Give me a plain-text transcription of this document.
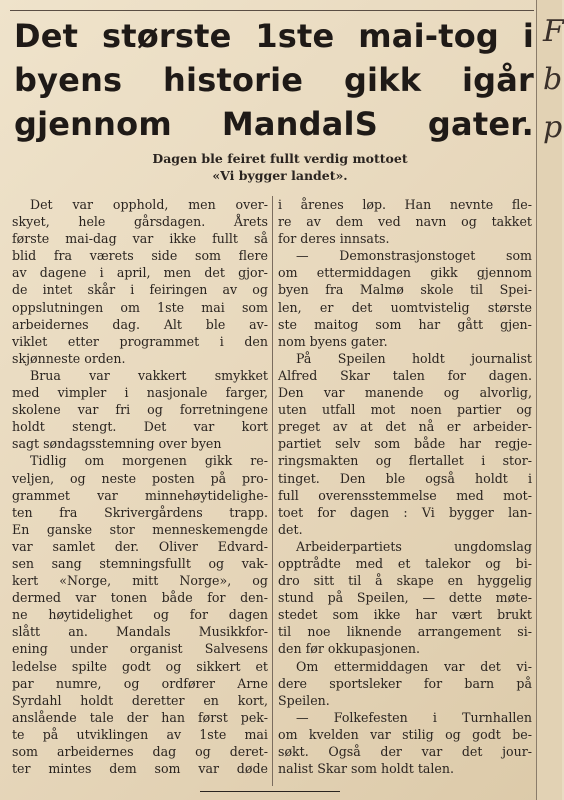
Det største 1ste mai-tog i
byens historie gikk igår
gjennom MandalS gater.
Dagen ble feiret fullt verdig mottoet
«Vi bygger landet».
Det var opphold, men over-
skyet, hele gårsdagen. Årets
første mai-dag var ikke fullt så
blid fra værets side som flere
av dagene i april, men det gjor-
de intet skår i feiringen av og
oppslutningen om 1ste mai som
arbeidernes dag. Alt ble av-
viklet etter programmet i den
skjønneste orden.
Brua var vakkert smykket
med vimpler i nasjonale farger,
skolene var fri og forretningene
holdt stengt. Det var kort
sagt søndagsstemning over byen
Tidlig om morgenen gikk re-
veljen, og neste posten på pro-
grammet var minnehøytidelighe-
ten fra Skrivergårdens trapp.
En ganske stor menneskemengde
var samlet der. Oliver Edvard-
sen sang stemningsfullt og vak-
kert «Norge, mitt Norge», og
dermed var tonen både for den-
ne høytidelighet og for dagen
slått an. Mandals Musikkfor-
ening under organist Salvesens
ledelse spilte godt og sikkert et
par numre, og ordfører Arne
Syrdahl holdt deretter en kort,
anslående tale der han først pek-
te på utviklingen av 1ste mai
som arbeidernes dag og deret-
ter mintes dem som var døde
i årenes løp. Han nevnte fle-
re av dem ved navn og takket
for deres innsats.
— Demonstrasjonstoget som
om ettermiddagen gikk gjennom
byen fra Malmø skole til Spei-
len, er det uomtvistelig største
ste maitog som har gått gjen-
nom byens gater.
På Speilen holdt journalist
Alfred Skar talen for dagen.
Den var manende og alvorlig,
uten utfall mot noen partier og
preget av at det nå er arbeider-
partiet selv som både har regje-
ringsmakten og flertallet i stor-
tinget. Den ble også holdt i
full overensstemmelse med mot-
toet for dagen : Vi bygger lan-
det.
Arbeiderpartiets	ungdomslag
opptrådte med et talekor og bi-
dro sitt til å skape en hyggelig
stund på Speilen, — dette møte-
stedet som ikke har vært brukt
til noe liknende arrangement si-
den før okkupasjonen.
Om ettermiddagen var det vi-
dere sportsleker for barn på
Speilen.
— Folkefesten i Turnhallen
om kvelden var stilig og godt be-
søkt. Også der var det jour-
nalist Skar som holdt talen.
F
b
p
